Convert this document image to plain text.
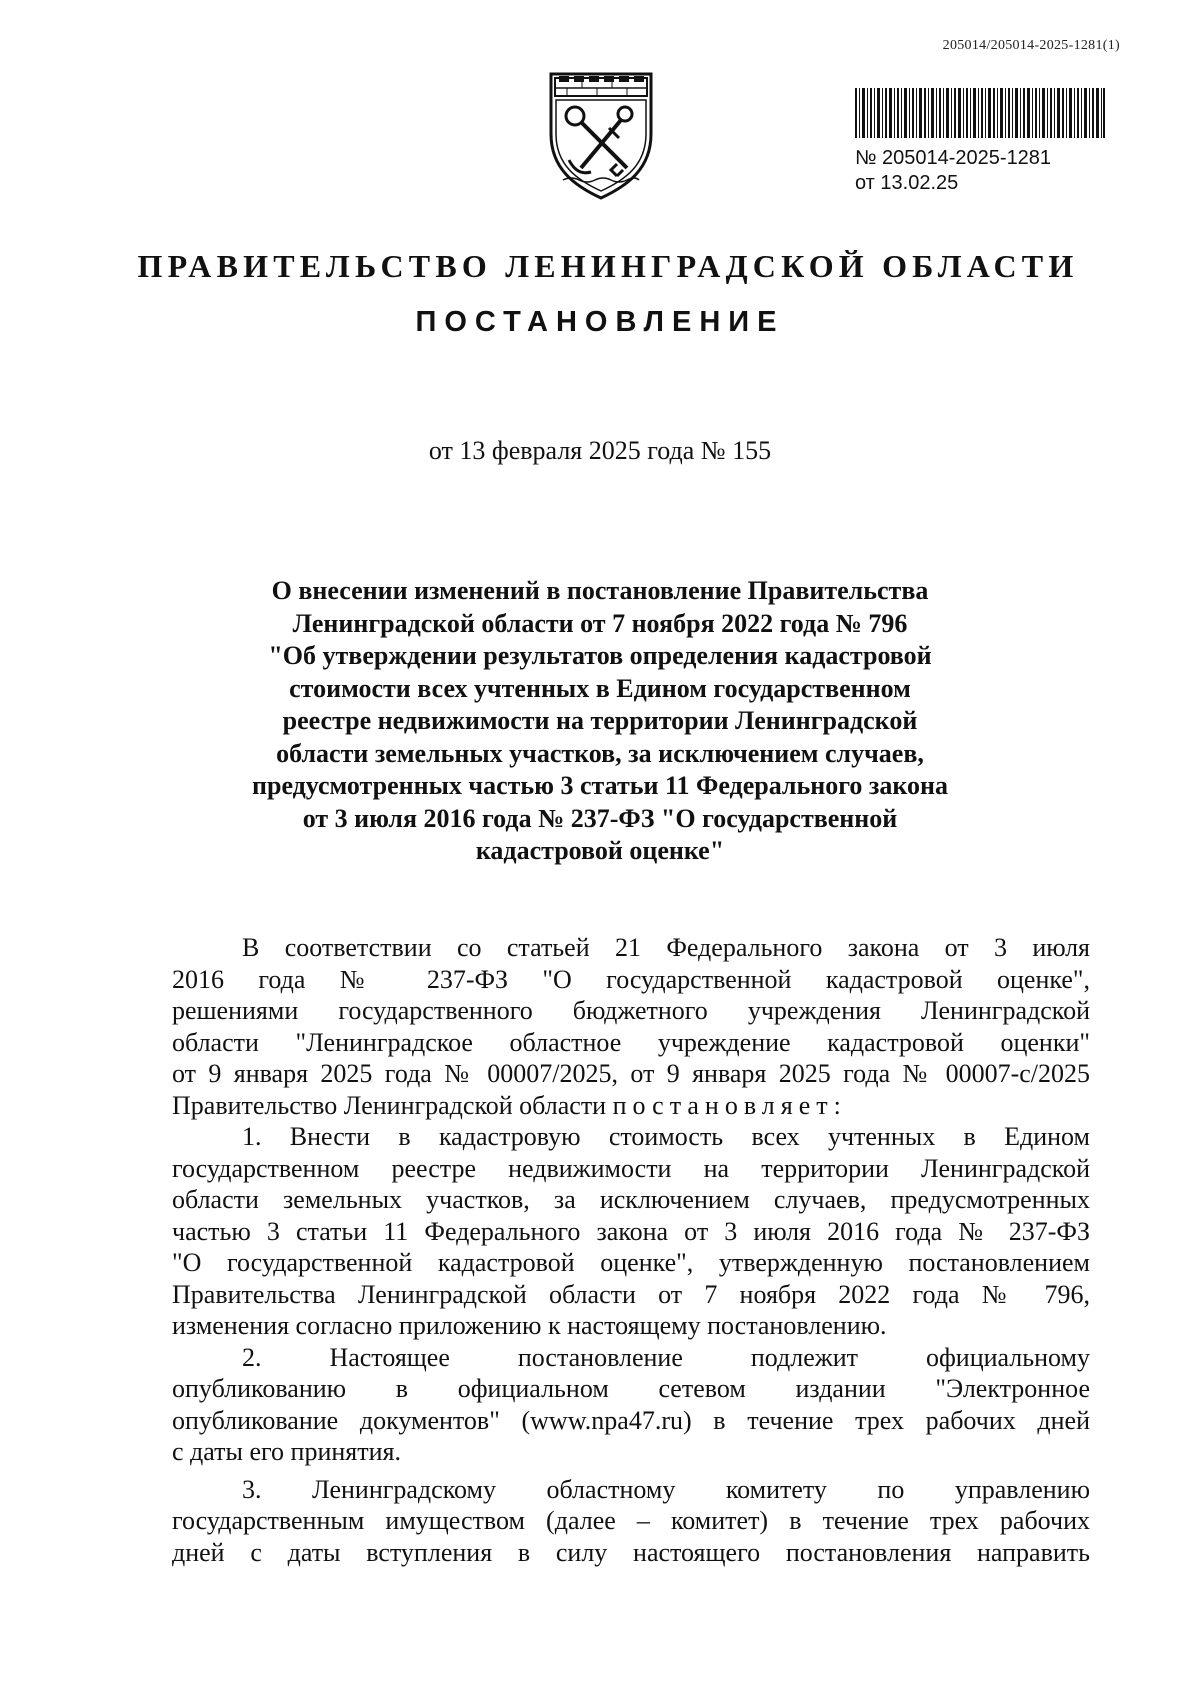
205014/205014-2025-1281(1)
№ 205014-2025-1281
от 13.02.25
ПРАВИТЕЛЬСТВО ЛЕНИНГРАДСКОЙ ОБЛАСТИ
ПОСТАНОВЛЕНИЕ
от 13 февраля 2025 года № 155
О внесении изменений в постановление Правительства
Ленинградской области от 7 ноября 2022 года № 796
"Об утверждении результатов определения кадастровой
стоимости всех учтенных в Едином государственном
реестре недвижимости на территории Ленинградской
области земельных участков, за исключением случаев,
предусмотренных частью 3 статьи 11 Федерального закона
от 3 июля 2016 года № 237-ФЗ "О государственной
кадастровой оценке"
В соответствии со статьей 21 Федерального закона от 3 июля
2016 года № 237-ФЗ "О государственной кадастровой оценке",
решениями государственного бюджетного учреждения Ленинградской
области "Ленинградское областное учреждение кадастровой оценки"
от 9 января 2025 года № 00007/2025, от 9 января 2025 года № 00007-с/2025
Правительство Ленинградской области постановляет:
1. Внести в кадастровую стоимость всех учтенных в Едином
государственном реестре недвижимости на территории Ленинградской
области земельных участков, за исключением случаев, предусмотренных
частью 3 статьи 11 Федерального закона от 3 июля 2016 года № 237-ФЗ
"О государственной кадастровой оценке", утвержденную постановлением
Правительства Ленинградской области от 7 ноября 2022 года № 796,
изменения согласно приложению к настоящему постановлению.
2. Настоящее постановление подлежит официальному
опубликованию в официальном сетевом издании "Электронное
опубликование документов" (www.npa47.ru) в течение трех рабочих дней
с даты его принятия.
3. Ленинградскому областному комитету по управлению
государственным имуществом (далее – комитет) в течение трех рабочих
дней с даты вступления в силу настоящего постановления направить
